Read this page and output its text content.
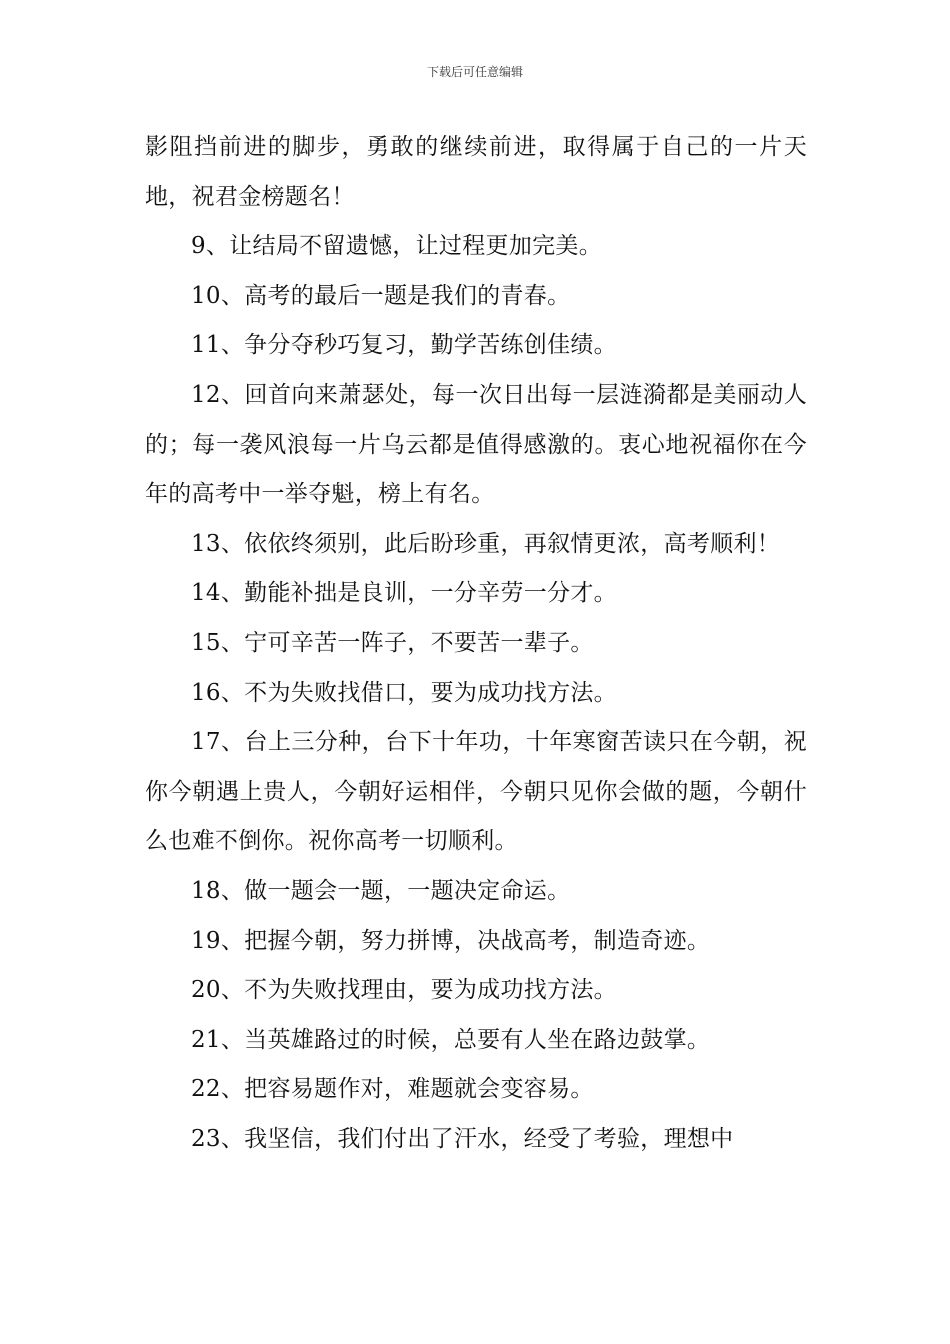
下载后可任意编辑

影阻挡前进的脚步，勇敢的继续前进，取得属于自己的一片天地，祝君金榜题名！

9、让结局不留遗憾，让过程更加完美。

10、高考的最后一题是我们的青春。

11、争分夺秒巧复习，勤学苦练创佳绩。

12、回首向来萧瑟处，每一次日出每一层涟漪都是美丽动人的；每一袭风浪每一片乌云都是值得感激的。衷心地祝福你在今年的高考中一举夺魁，榜上有名。

13、依依终须别，此后盼珍重，再叙情更浓，高考顺利！

14、勤能补拙是良训，一分辛劳一分才。

15、宁可辛苦一阵子，不要苦一辈子。

16、不为失败找借口，要为成功找方法。

17、台上三分种，台下十年功，十年寒窗苦读只在今朝，祝你今朝遇上贵人，今朝好运相伴，今朝只见你会做的题，今朝什么也难不倒你。祝你高考一切顺利。

18、做一题会一题，一题决定命运。

19、把握今朝，努力拼博，决战高考，制造奇迹。

20、不为失败找理由，要为成功找方法。

21、当英雄路过的时候，总要有人坐在路边鼓掌。

22、把容易题作对，难题就会变容易。

23、我坚信，我们付出了汗水，经受了考验，理想中
